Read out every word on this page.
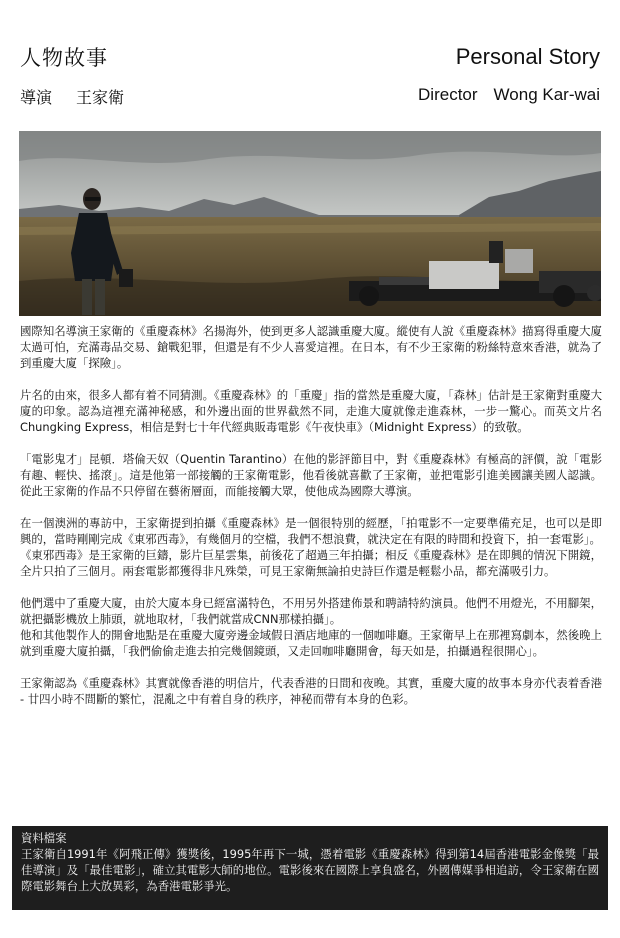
人物故事
導演 王家衛
Personal Story
Director Wong Kar-wai

國際知名導演王家衛的《重慶森林》名揚海外，使到更多人認識重慶大廈。縱使有人說《重慶森林》描寫得重慶大廈太過可怕，充滿毒品交易、鎗戰犯罪，但還是有不少人喜愛這裡。在日本，有不少王家衛的粉絲特意來香港，就為了到重慶大廈「探險」。

片名的由來，很多人都有着不同猜測。《重慶森林》的「重慶」指的當然是重慶大廈，「森林」估計是王家衛對重慶大廈的印象。認為這裡充滿神秘感，和外邊出面的世界截然不同，走進大廈就像走進森林，一步一驚心。而英文片名 Chungking Express，相信是對七十年代經典販毒電影《午夜快車》（Midnight Express）的致敬。

「電影鬼才」昆頓．塔倫天奴（Quentin Tarantino）在他的影評節目中，對《重慶森林》有極高的評價，說「電影有趣、輕快、搖滾」。這是他第一部接觸的王家衛電影，他看後就喜歡了王家衛，並把電影引進美國讓美國人認識。從此王家衛的作品不只停留在藝術層面，而能接觸大眾，使他成為國際大導演。

在一個澳洲的專訪中，王家衛提到拍攝《重慶森林》是一個很特別的經歷，「拍電影不一定要準備充足，也可以是即興的，當時剛剛完成《東邪西毒》，有幾個月的空檔，我們不想浪費，就決定在有限的時間和投資下，拍一套電影」。

《東邪西毒》是王家衛的巨鑄，影片巨星雲集，前後花了超過三年拍攝；相反《重慶森林》是在即興的情況下開鏡，全片只拍了三個月。兩套電影都獲得非凡殊榮，可見王家衛無論拍史詩巨作還是輕鬆小品，都充滿吸引力。

他們選中了重慶大廈，由於大廈本身已經富滿特色，不用另外搭建佈景和聘請特約演員。他們不用燈光，不用腳架，就把攝影機放上肺頭，就地取材，「我們就當成CNN那樣拍攝」。

他和其他製作人的開會地點是在重慶大廈旁邊金域假日酒店地庫的一個咖啡廳。王家衛早上在那裡寫劇本，然後晚上就到重慶大廈拍攝，「我們偷偷走進去拍完幾個鏡頭，又走回咖啡廳開會，每天如是，拍攝過程很開心」。

王家衛認為《重慶森林》其實就像香港的明信片，代表香港的日間和夜晚。其實，重慶大廈的故事本身亦代表着香港 - 廿四小時不間斷的繁忙，混亂之中有着自身的秩序，神秘而帶有本身的色彩。

資料檔案
王家衛自1991年《阿飛正傳》獲獎後，1995年再下一城，憑着電影《重慶森林》得到第14屆香港電影金像獎「最佳導演」及「最佳電影」，確立其電影大師的地位。電影後來在國際上享負盛名，外國傳媒爭相追訪，令王家衛在國際電影舞台上大放異彩，為香港電影爭光。
